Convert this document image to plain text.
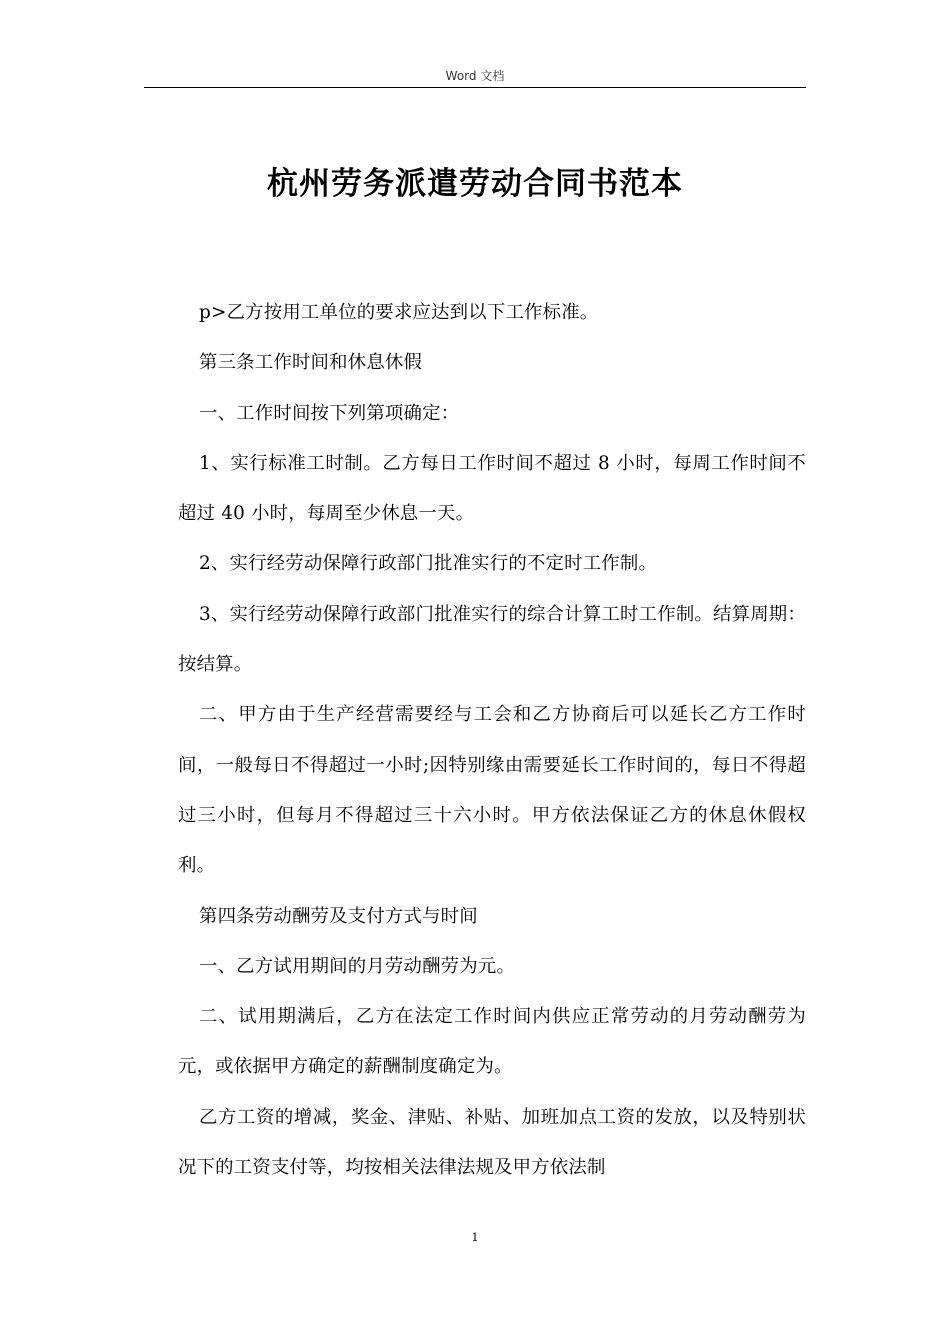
Word 文档
杭州劳务派遣劳动合同书范本

p>乙方按用工单位的要求应达到以下工作标准。

第三条工作时间和休息休假

一、工作时间按下列第项确定：

1、实行标准工时制。乙方每日工作时间不超过 8 小时，每周工作时间不超过 40 小时，每周至少休息一天。

2、实行经劳动保障行政部门批准实行的不定时工作制。

3、实行经劳动保障行政部门批准实行的综合计算工时工作制。结算周期：按结算。

二、甲方由于生产经营需要经与工会和乙方协商后可以延长乙方工作时间，一般每日不得超过一小时;因特别缘由需要延长工作时间的，每日不得超过三小时，但每月不得超过三十六小时。甲方依法保证乙方的休息休假权利。

第四条劳动酬劳及支付方式与时间

一、乙方试用期间的月劳动酬劳为元。

二、试用期满后，乙方在法定工作时间内供应正常劳动的月劳动酬劳为元，或依据甲方确定的薪酬制度确定为。

乙方工资的增减，奖金、津贴、补贴、加班加点工资的发放，以及特别状况下的工资支付等，均按相关法律法规及甲方依法制

1
